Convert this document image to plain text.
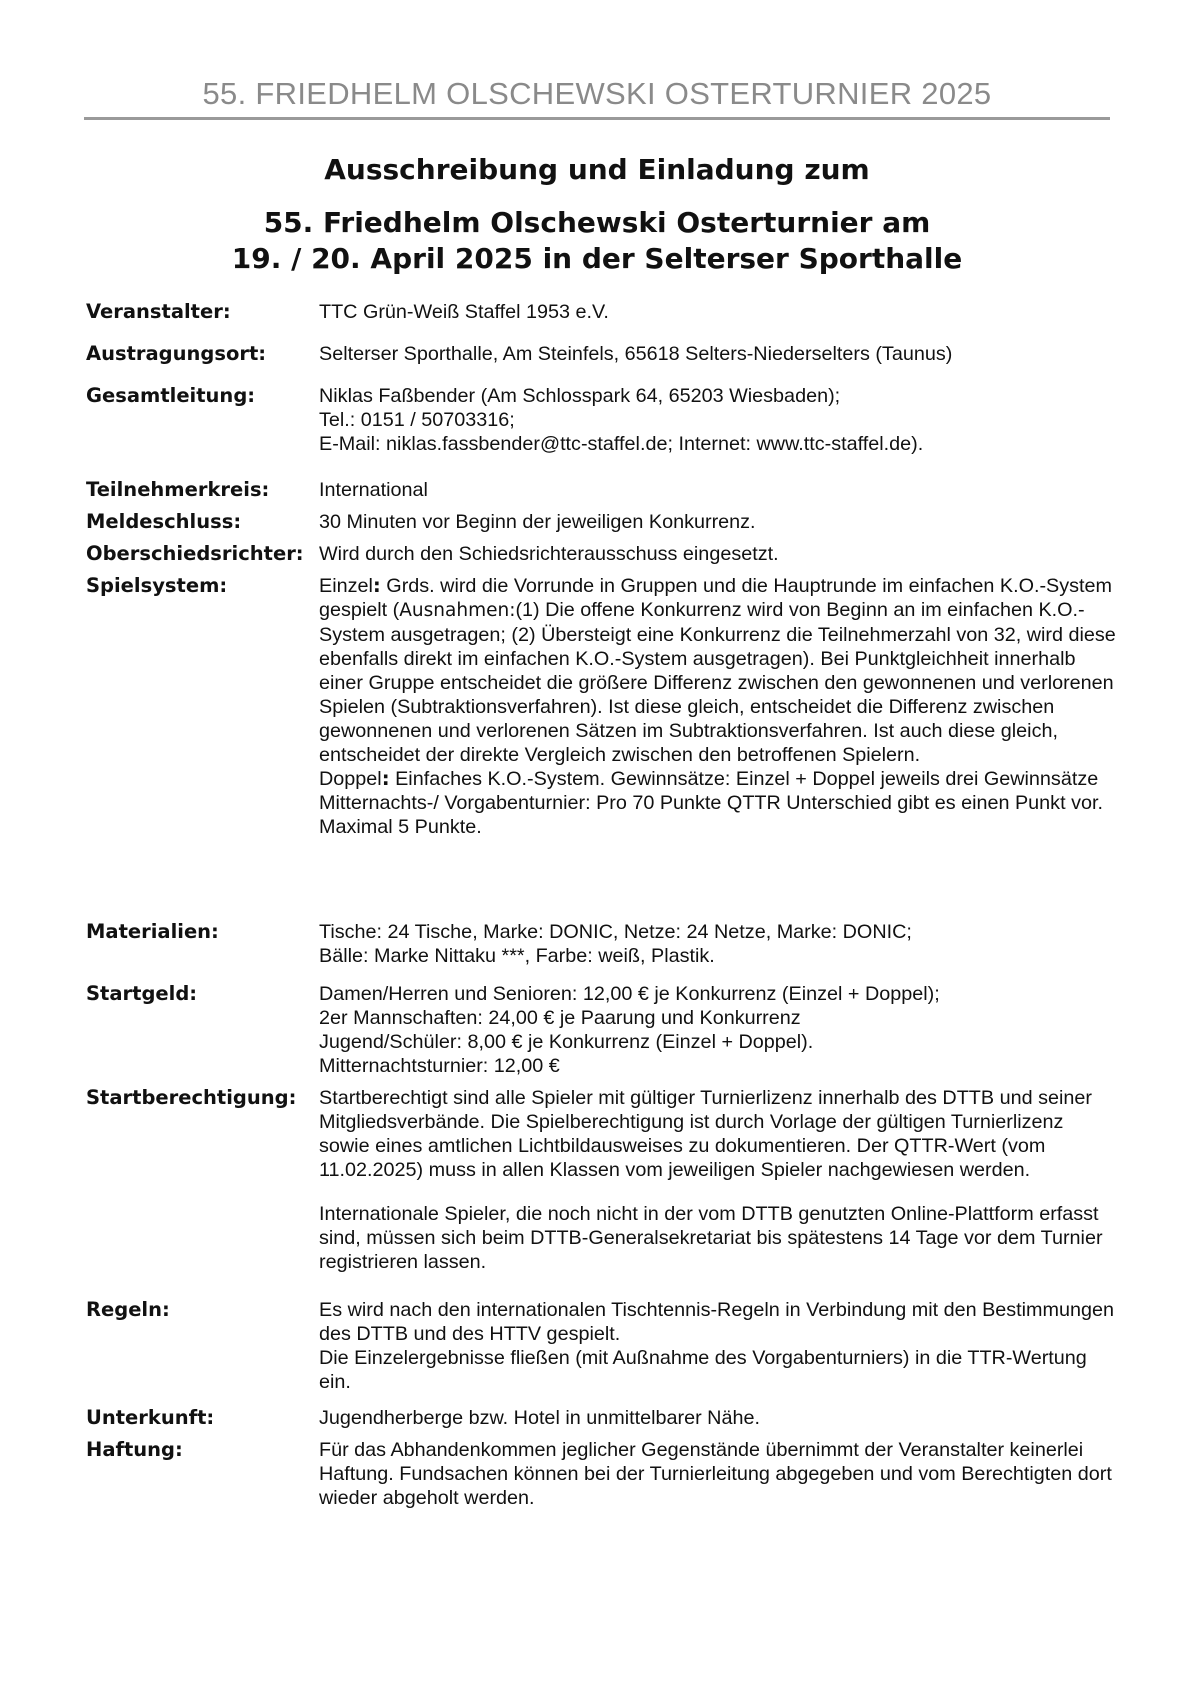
55. FRIEDHELM OLSCHEWSKI OSTERTURNIER 2025
Ausschreibung und Einladung zum
55. Friedhelm Olschewski Osterturnier am
19. / 20. April 2025 in der Selterser Sporthalle
Veranstalter:	TTC Grün-Weiß Staffel 1953 e.V.

Austragungsort:	Selterser Sporthalle, Am Steinfels, 65618 Selters-Niederselters (Taunus)

Gesamtleitung:	Niklas Faßbender (Am Schlosspark 64, 65203 Wiesbaden);

Tel.: 0151 / 50703316;

E-Mail: niklas.fassbender@ttc-staffel.de; Internet: www.ttc-staffel.de).

Teilnehmerkreis:	International

Meldeschluss:	30 Minuten vor Beginn der jeweiligen Konkurrenz.

Oberschiedsrichter: Wird durch den Schiedsrichterausschuss eingesetzt.

Spielsystem:	Einzel: Grds. wird die Vorrunde in Gruppen und die Hauptrunde im einfachen K.O.-System gespielt (Ausnahmen:(1) Die offene Konkurrenz wird von Beginn an im einfachen K.O.-System ausgetragen; (2) Übersteigt eine Konkurrenz die Teilnehmerzahl von 32, wird diese ebenfalls direkt im einfachen K.O.-System ausgetragen). Bei Punktgleichheit innerhalb einer Gruppe entscheidet die größere Differenz zwischen den gewonnenen und verlorenen Spielen (Subtraktionsverfahren). Ist diese gleich, entscheidet die Differenz zwischen gewonnenen und verlorenen Sätzen im Subtraktionsverfahren. Ist auch diese gleich, entscheidet der direkte Vergleich zwischen den betroffenen Spielern.

Doppel: Einfaches K.O.-System. Gewinnsätze: Einzel + Doppel jeweils drei Gewinnsätze

Mitternachts-/ Vorgabenturnier: Pro 70 Punkte QTTR Unterschied gibt es einen Punkt vor. Maximal 5 Punkte.

Materialien:	Tische: 24 Tische, Marke: DONIC, Netze: 24 Netze, Marke: DONIC;

Bälle: Marke Nittaku ***, Farbe: weiß, Plastik.

Startgeld:	Damen/Herren und Senioren: 12,00 € je Konkurrenz (Einzel + Doppel);

2er Mannschaften: 24,00 € je Paarung und Konkurrenz

Jugend/Schüler: 8,00 € je Konkurrenz (Einzel + Doppel).

Mitternachtsturnier: 12,00 €

Startberechtigung:	Startberechtigt sind alle Spieler mit gültiger Turnierlizenz innerhalb des DTTB und seiner Mitgliedsverbände. Die Spielberechtigung ist durch Vorlage der gültigen Turnierlizenz sowie eines amtlichen Lichtbildausweises zu dokumentieren. Der QTTR-Wert (vom 11.02.2025) muss in allen Klassen vom jeweiligen Spieler nachgewiesen werden.

Internationale Spieler, die noch nicht in der vom DTTB genutzten Online-Plattform erfasst sind, müssen sich beim DTTB-Generalsekretariat bis spätestens 14 Tage vor dem Turnier registrieren lassen.

Regeln:	Es wird nach den internationalen Tischtennis-Regeln in Verbindung mit den Bestimmungen des DTTB und des HTTV gespielt.

Die Einzelergebnisse fließen (mit Außnahme des Vorgabenturniers) in die TTR-Wertung ein.

Unterkunft:	Jugendherberge bzw. Hotel in unmittelbarer Nähe.

Haftung:	Für das Abhandenkommen jeglicher Gegenstände übernimmt der Veranstalter keinerlei Haftung. Fundsachen können bei der Turnierleitung abgegeben und vom Berechtigten dort wieder abgeholt werden.
